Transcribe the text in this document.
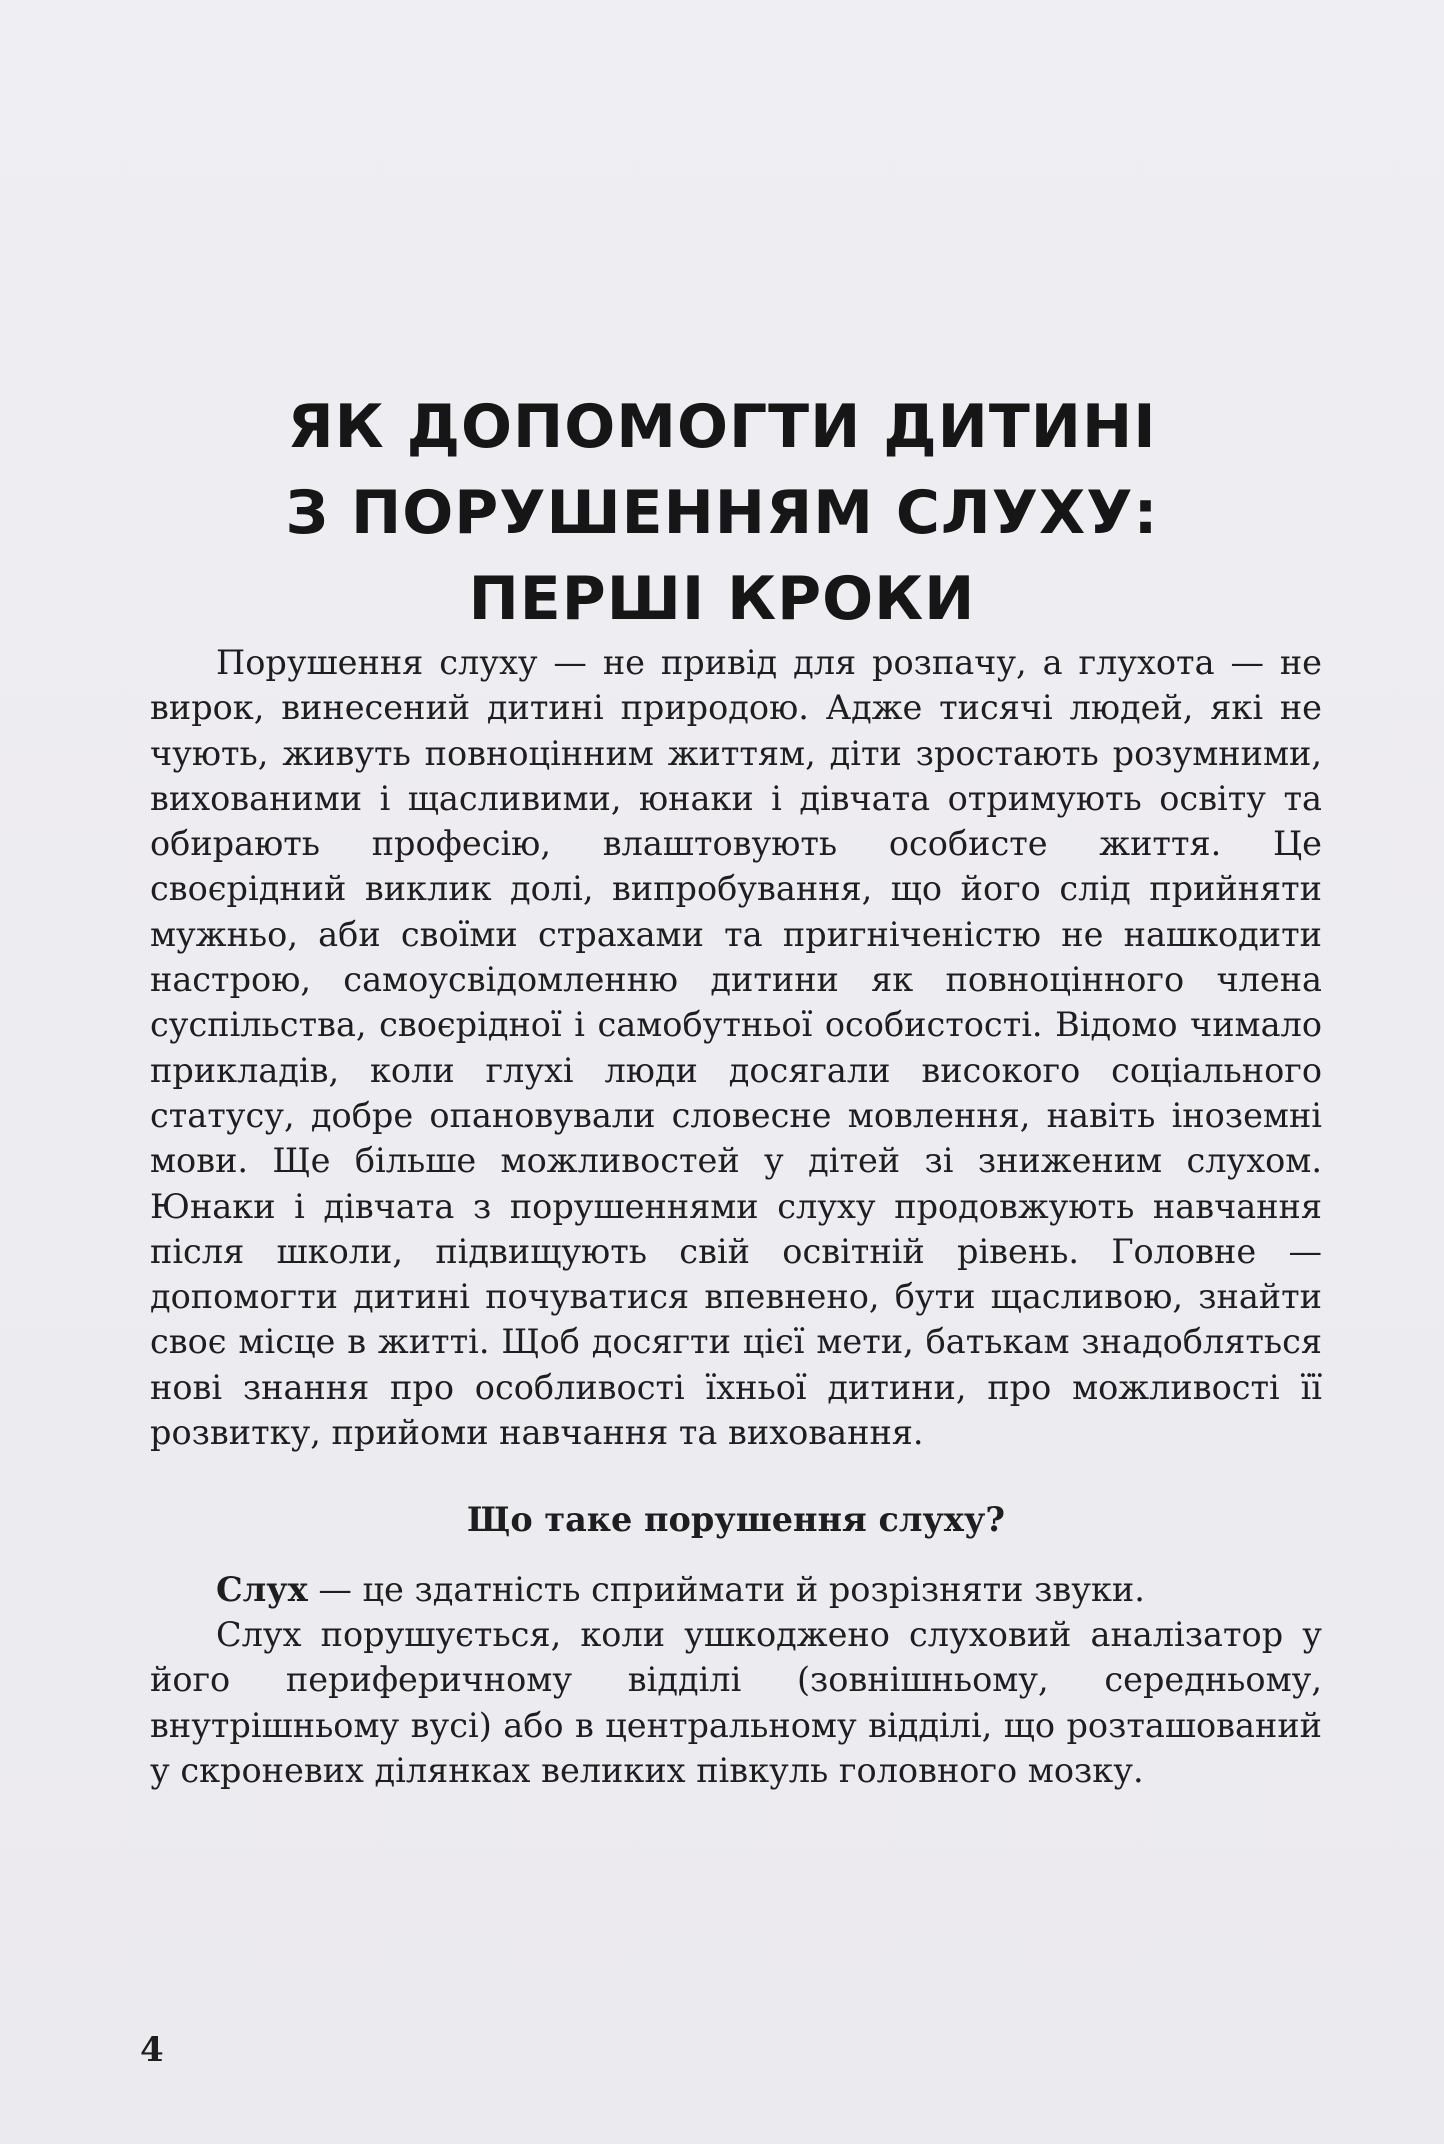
ЯК ДОПОМОГТИ ДИТИНІ
З ПОРУШЕННЯМ СЛУХУ:
ПЕРШІ КРОКИ

Порушення слуху — не привід для розпачу, а глухота — не вирок, винесений дитині природою. Адже тисячі людей, які не чують, живуть повноцінним життям, діти зростають розумними, вихованими і щасливими, юнаки і дівчата отримують освіту та обирають професію, влаштовують особисте життя. Це своєрідний виклик долі, випробування, що його слід прийняти мужньо, аби своїми страхами та пригніченістю не нашкодити настрою, самоусвідомленню дитини як повноцінного члена суспільства, своєрідної і самобутньої особистості. Відомо чимало прикладів, коли глухі люди досягали високого соціального статусу, добре опановували словесне мовлення, навіть іноземні мови. Ще більше можливостей у дітей зі зниженим слухом. Юнаки і дівчата з порушеннями слуху продовжують навчання після школи, підвищують свій освітній рівень. Головне — допомогти дитині почуватися впевнено, бути щасливою, знайти своє місце в житті. Щоб досягти цієї мети, батькам знадобляться нові знання про особливості їхньої дитини, про можливості її розвитку, прийоми навчання та виховання.

Що таке порушення слуху?

Слух — це здатність сприймати й розрізняти звуки.

Слух порушується, коли ушкоджено слуховий аналізатор у його периферичному відділі (зовнішньому, середньому, внутрішньому вусі) або в центральному відділі, що розташований у скроневих ділянках великих півкуль головного мозку.

4
